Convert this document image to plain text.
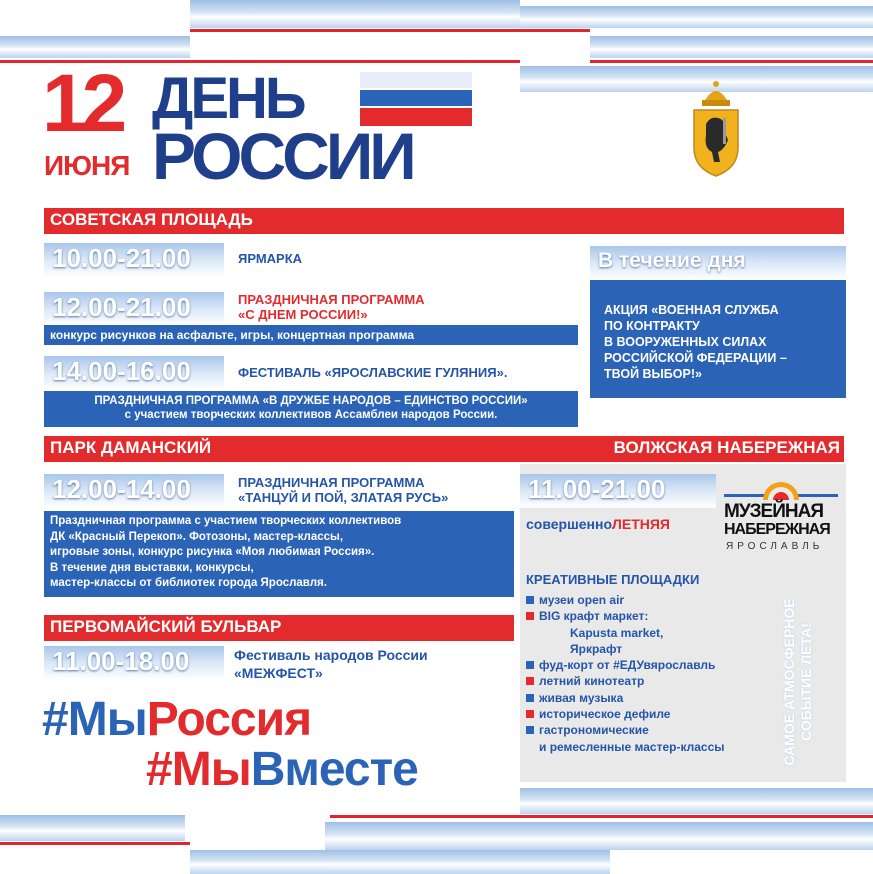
12
ИЮНЯ
ДЕНЬ
РОССИИ
СОВЕТСКАЯ ПЛОЩАДЬ
10.00-21.00	ЯРМАРКА
12.00-21.00	ПРАЗДНИЧНАЯ ПРОГРАММА
«С ДНЕМ РОССИИ!»
конкурс рисунков на асфальте, игры, концертная программа
14.00-16.00	ФЕСТИВАЛЬ «ЯРОСЛАВСКИЕ ГУЛЯНИЯ».
ПРАЗДНИЧНАЯ ПРОГРАММА «В ДРУЖБЕ НАРОДОВ – ЕДИНСТВО РОССИИ»
с участием творческих коллективов Ассамблеи народов России.
В течение дня
АКЦИЯ «ВОЕННАЯ СЛУЖБА
ПО КОНТРАКТУ
В ВООРУЖЕННЫХ СИЛАХ
РОССИЙСКОЙ ФЕДЕРАЦИИ –
ТВОЙ ВЫБОР!»
ПАРК ДАМАНСКИЙ	ВОЛЖСКАЯ НАБЕРЕЖНАЯ
12.00-14.00	ПРАЗДНИЧНАЯ ПРОГРАММА
«ТАНЦУЙ И ПОЙ, ЗЛАТАЯ РУСЬ»
Праздничная программа с участием творческих коллективов
ДК «Красный Перекоп». Фотозоны, мастер-классы,
игровые зоны, конкурс рисунка «Моя любимая Россия».
В течение дня выставки, конкурсы,
мастер-классы от библиотек города Ярославля.
ПЕРВОМАЙСКИЙ БУЛЬВАР
11.00-18.00	Фестиваль народов России
«МЕЖФЕСТ»
#МыРоссия
#МыВместе
11.00-21.00
совершенноЛЕТНЯЯ
МУЗЕЙНАЯ
НАБЕРЕЖНАЯ
ЯРОСЛАВЛЬ
КРЕАТИВНЫЕ ПЛОЩАДКИ
музеи open air
BIG крафт маркет:
Kapusta market,
Яркрафт
фуд-корт от #ЕДУвярославль
летний кинотеатр
живая музыка
историческое дефиле
гастрономические
и ремесленные мастер-классы	САМОЕ АТМОСФЕРНОЕ СОБЫТИЕ ЛЕТА!
